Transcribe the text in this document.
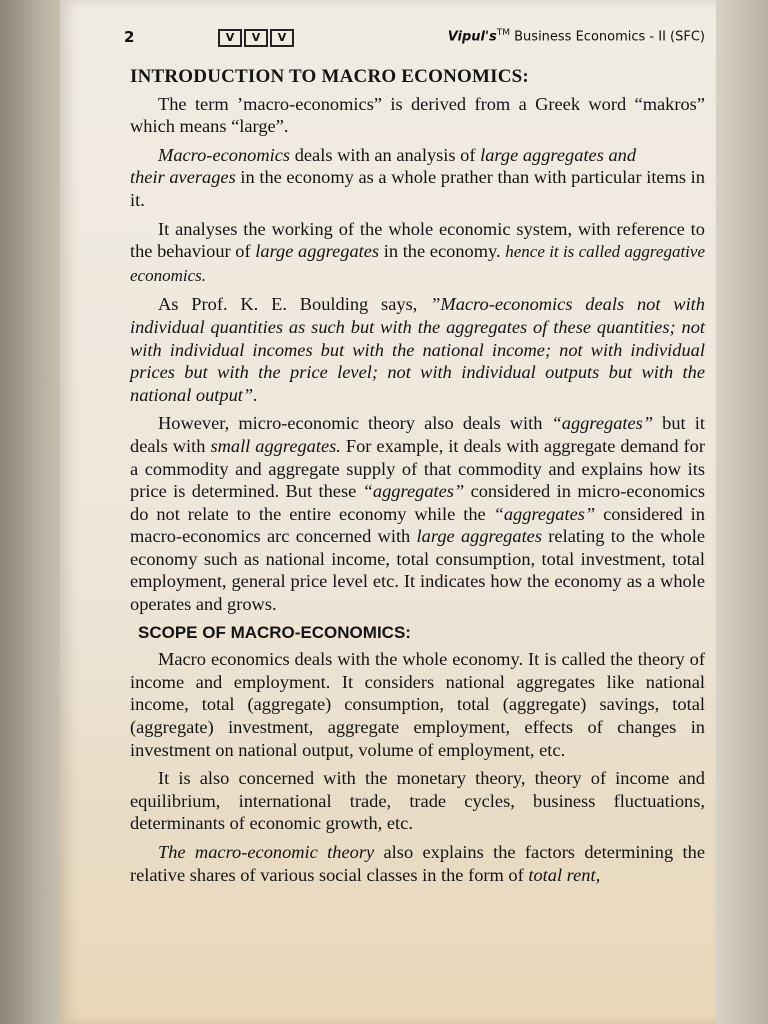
2	V	V	V	Vipul's™ Business Economics - II (SFC)
INTRODUCTION TO MACRO ECONOMICS:

The term ’macro-economics” is derived from a Greek word “makros” which means “large”.

Macro-economics deals with an analysis of large aggregates and
their averages in the economy as a whole prather than with particular items in it.

It analyses the working of the whole economic system, with reference to the behaviour of large aggregates in the economy. hence it is called aggregative economics.

As Prof. K. E. Boulding says, ”Macro-economics deals not with individual quantities as such but with the aggregates of these quantities; not with individual incomes but with the national income; not with individual prices but with the price level; not with individual outputs but with the national output”.

However, micro-economic theory also deals with “aggregates” but it deals with small aggregates. For example, it deals with aggregate demand for a commodity and aggregate supply of that commodity and explains how its price is determined. But these “aggregates” considered in micro-economics do not relate to the entire economy while the “aggregates” considered in macro-economics arc concerned with large aggregates relating to the whole economy such as national income, total consumption, total investment, total employment, general price level etc. It indicates how the economy as a whole operates and grows.

SCOPE OF MACRO-ECONOMICS:

Macro economics deals with the whole economy. It is called the theory of income and employment. It considers national aggregates like national income, total (aggregate) consumption, total (aggregate) savings, total (aggregate) investment, aggregate employment, effects of changes in investment on national output, volume of employment, etc.

It is also concerned with the monetary theory, theory of income and equilibrium, international trade, trade cycles, business fluctuations, determinants of economic growth, etc.

The macro-economic theory also explains the factors determining the relative shares of various social classes in the form of total rent,
